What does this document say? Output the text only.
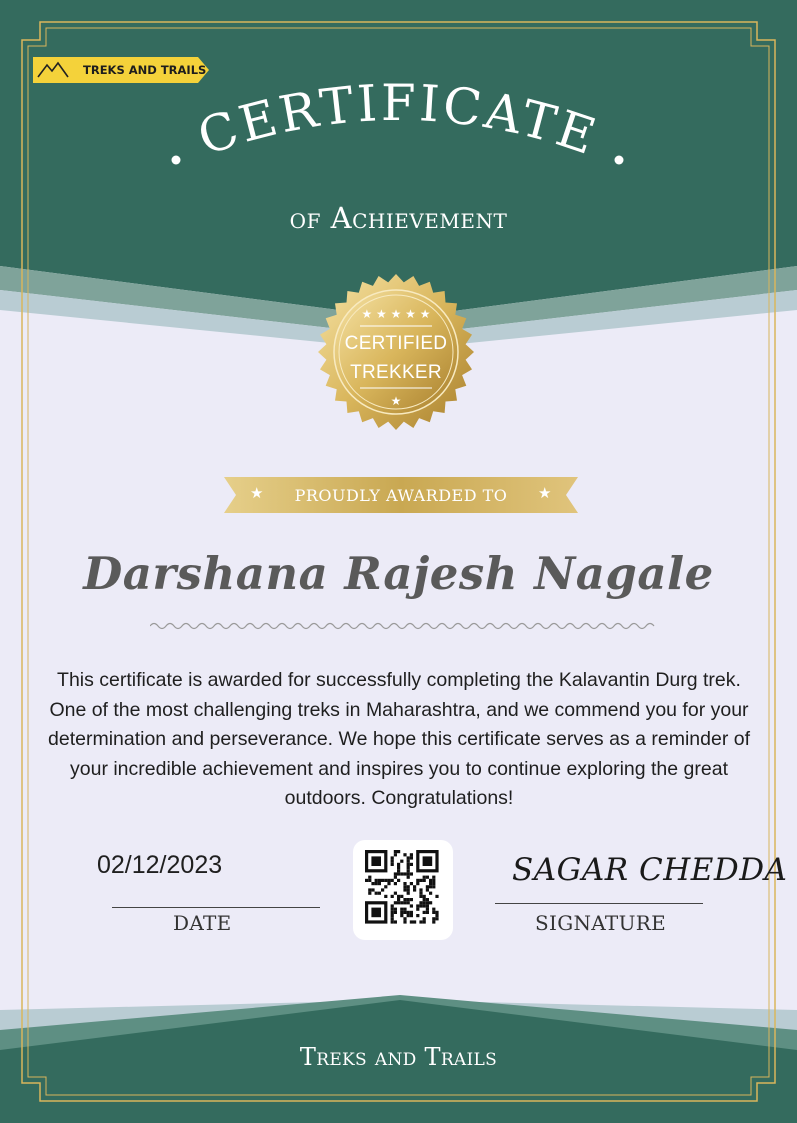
TREKS AND TRAILS
CERTIFICATE
of Achievement
★ ★ ★ ★ ★
★
CERTIFIED
TREKKER
★	PROUDLY AWARDED TO	★
Darshana Rajesh Nagale
This certificate is awarded for successfully completing the Kalavantin Durg trek. One of the most challenging treks in Maharashtra, and we commend you for your determination and perseverance. We hope this certificate serves as a reminder of your incredible achievement and inspires you to continue exploring the great outdoors. Congratulations!
02/12/2023
DATE
SAGAR CHEDDA
SIGNATURE
Treks and Trails
